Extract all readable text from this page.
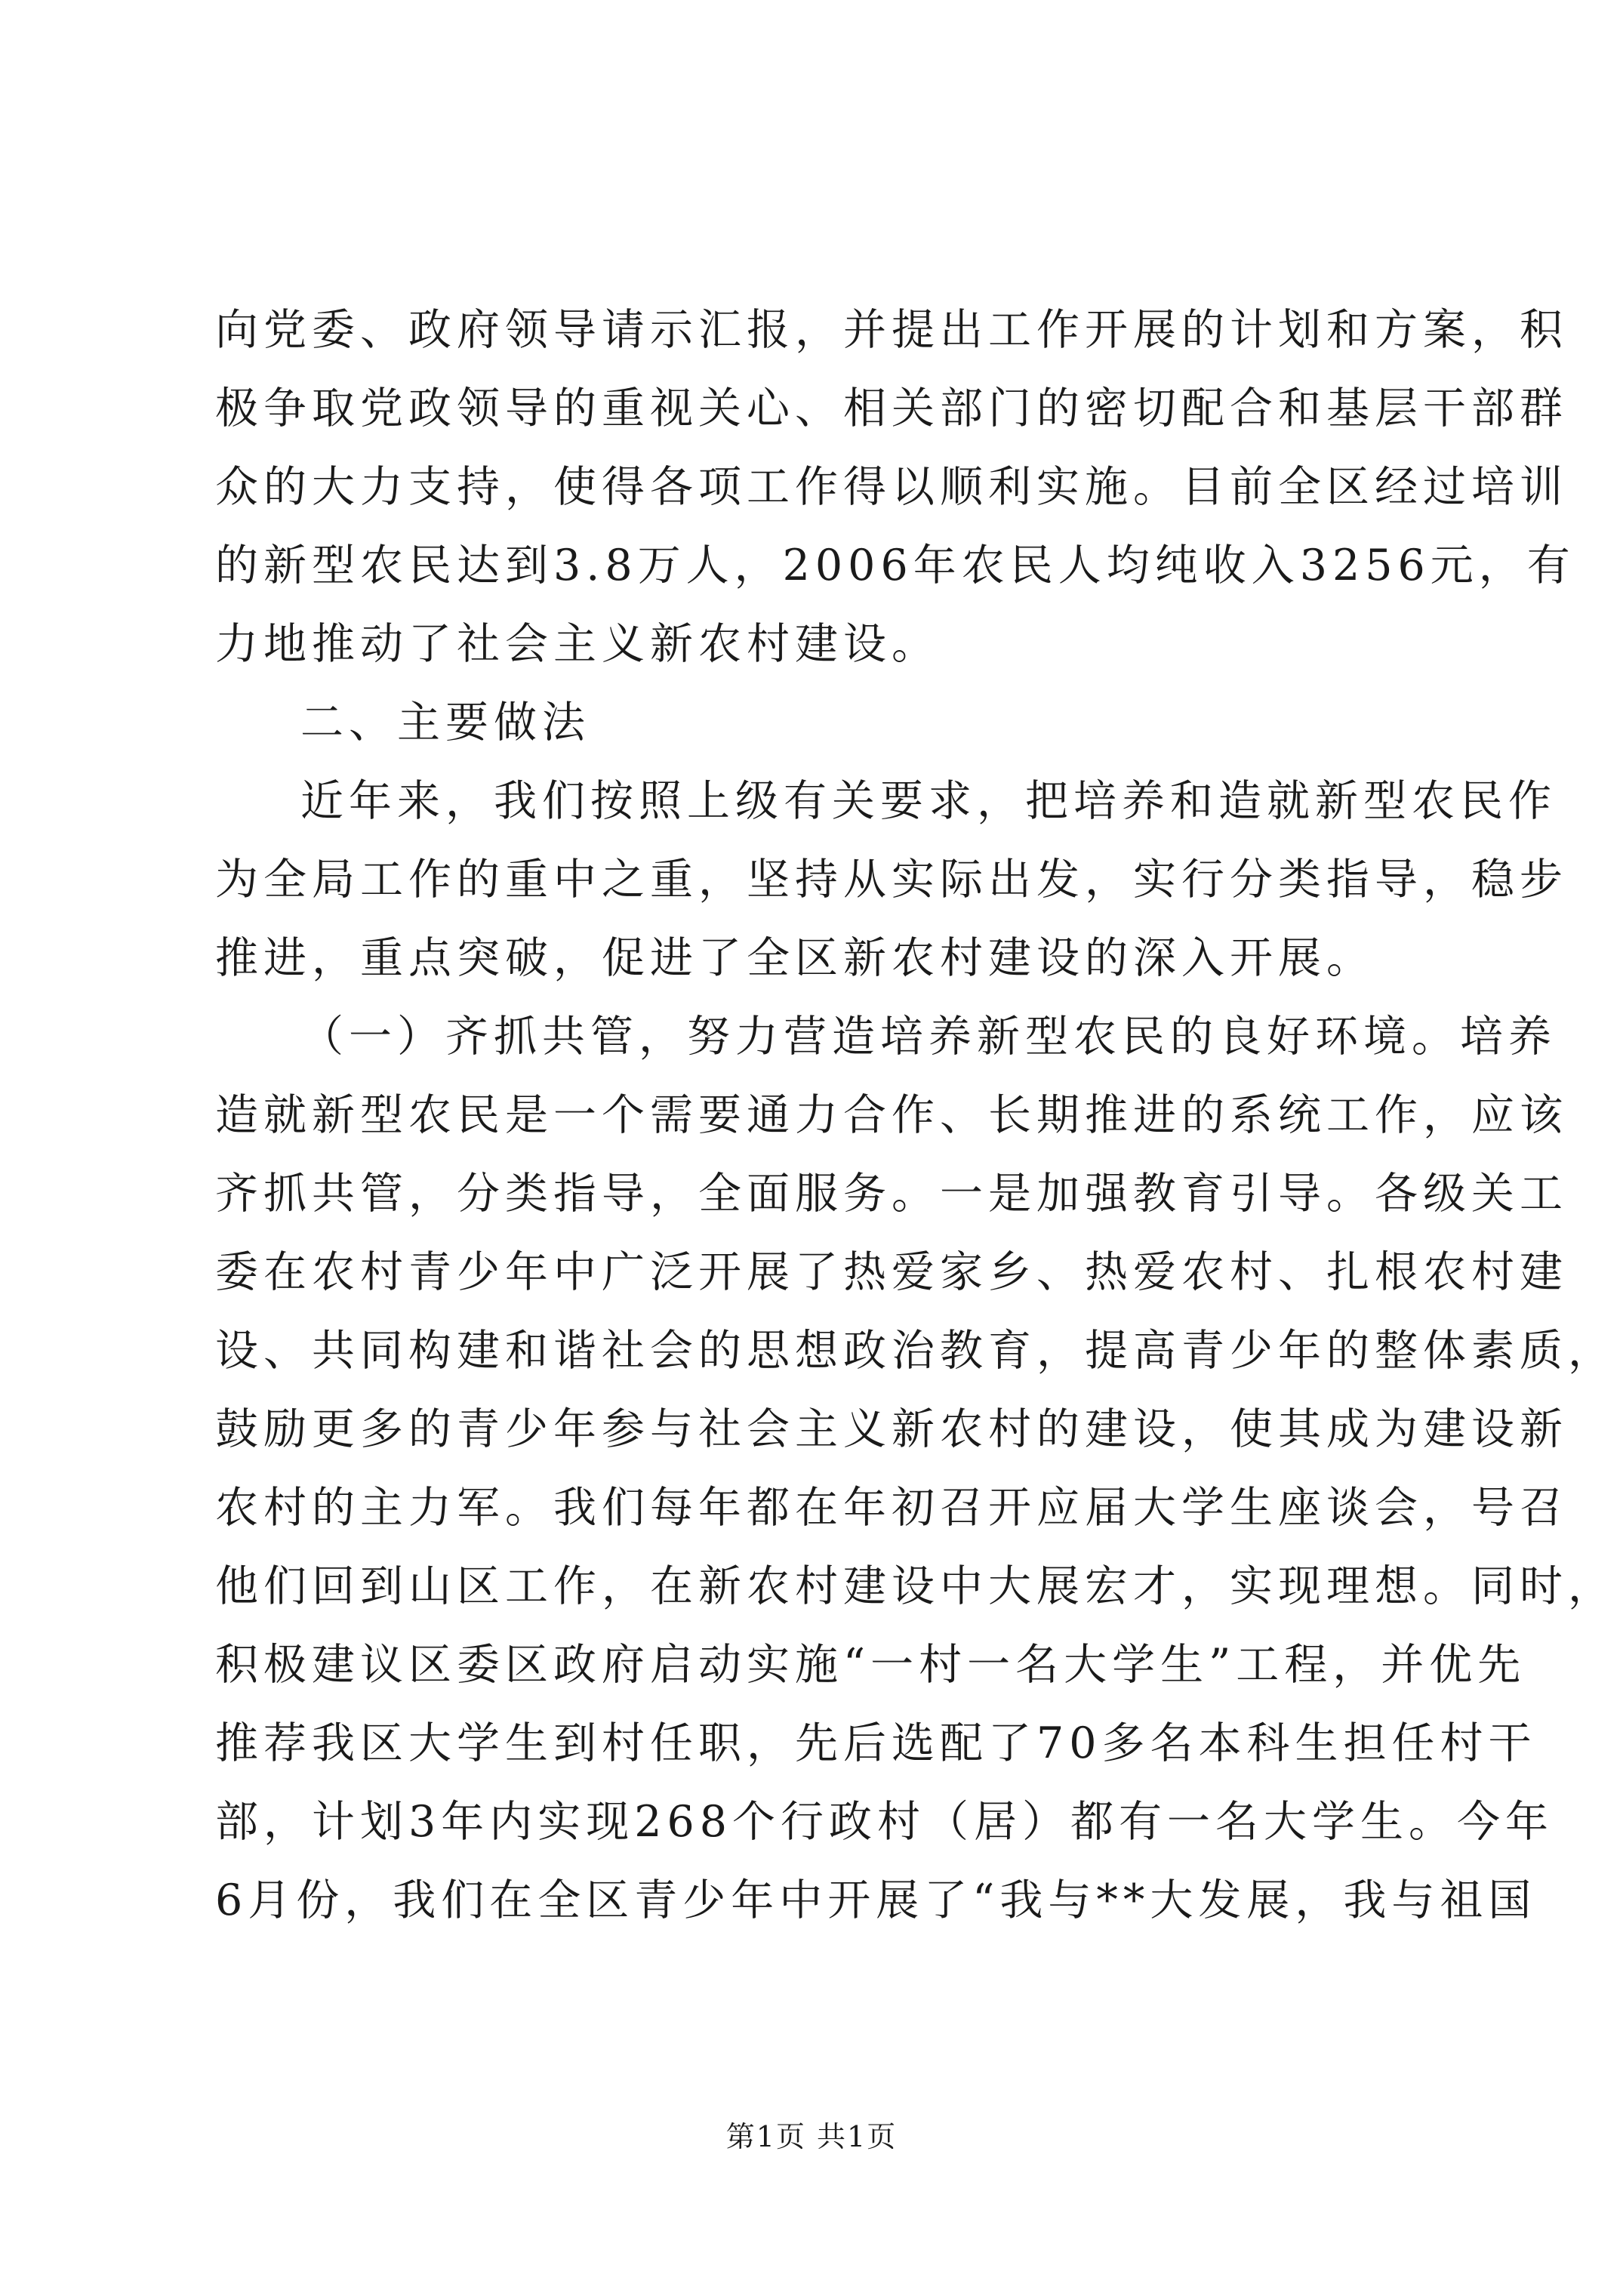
向党委、政府领导请示汇报，并提出工作开展的计划和方案，积
极争取党政领导的重视关心、相关部门的密切配合和基层干部群
众的大力支持，使得各项工作得以顺利实施。目前全区经过培训
的新型农民达到3.8万人，2006年农民人均纯收入3256元，有
力地推动了社会主义新农村建设。
二、主要做法
近年来，我们按照上级有关要求，把培养和造就新型农民作
为全局工作的重中之重，坚持从实际出发，实行分类指导，稳步
推进，重点突破，促进了全区新农村建设的深入开展。
（一）齐抓共管，努力营造培养新型农民的良好环境。培养
造就新型农民是一个需要通力合作、长期推进的系统工作，应该
齐抓共管，分类指导，全面服务。一是加强教育引导。各级关工
委在农村青少年中广泛开展了热爱家乡、热爱农村、扎根农村建
设、共同构建和谐社会的思想政治教育，提高青少年的整体素质，
鼓励更多的青少年参与社会主义新农村的建设，使其成为建设新
农村的主力军。我们每年都在年初召开应届大学生座谈会，号召
他们回到山区工作，在新农村建设中大展宏才，实现理想。同时，
积极建议区委区政府启动实施“一村一名大学生”工程，并优先
推荐我区大学生到村任职，先后选配了70多名本科生担任村干
部，计划3年内实现268个行政村（居）都有一名大学生。今年
6月份，我们在全区青少年中开展了“我与**大发展，我与祖国
第1页 共1页
